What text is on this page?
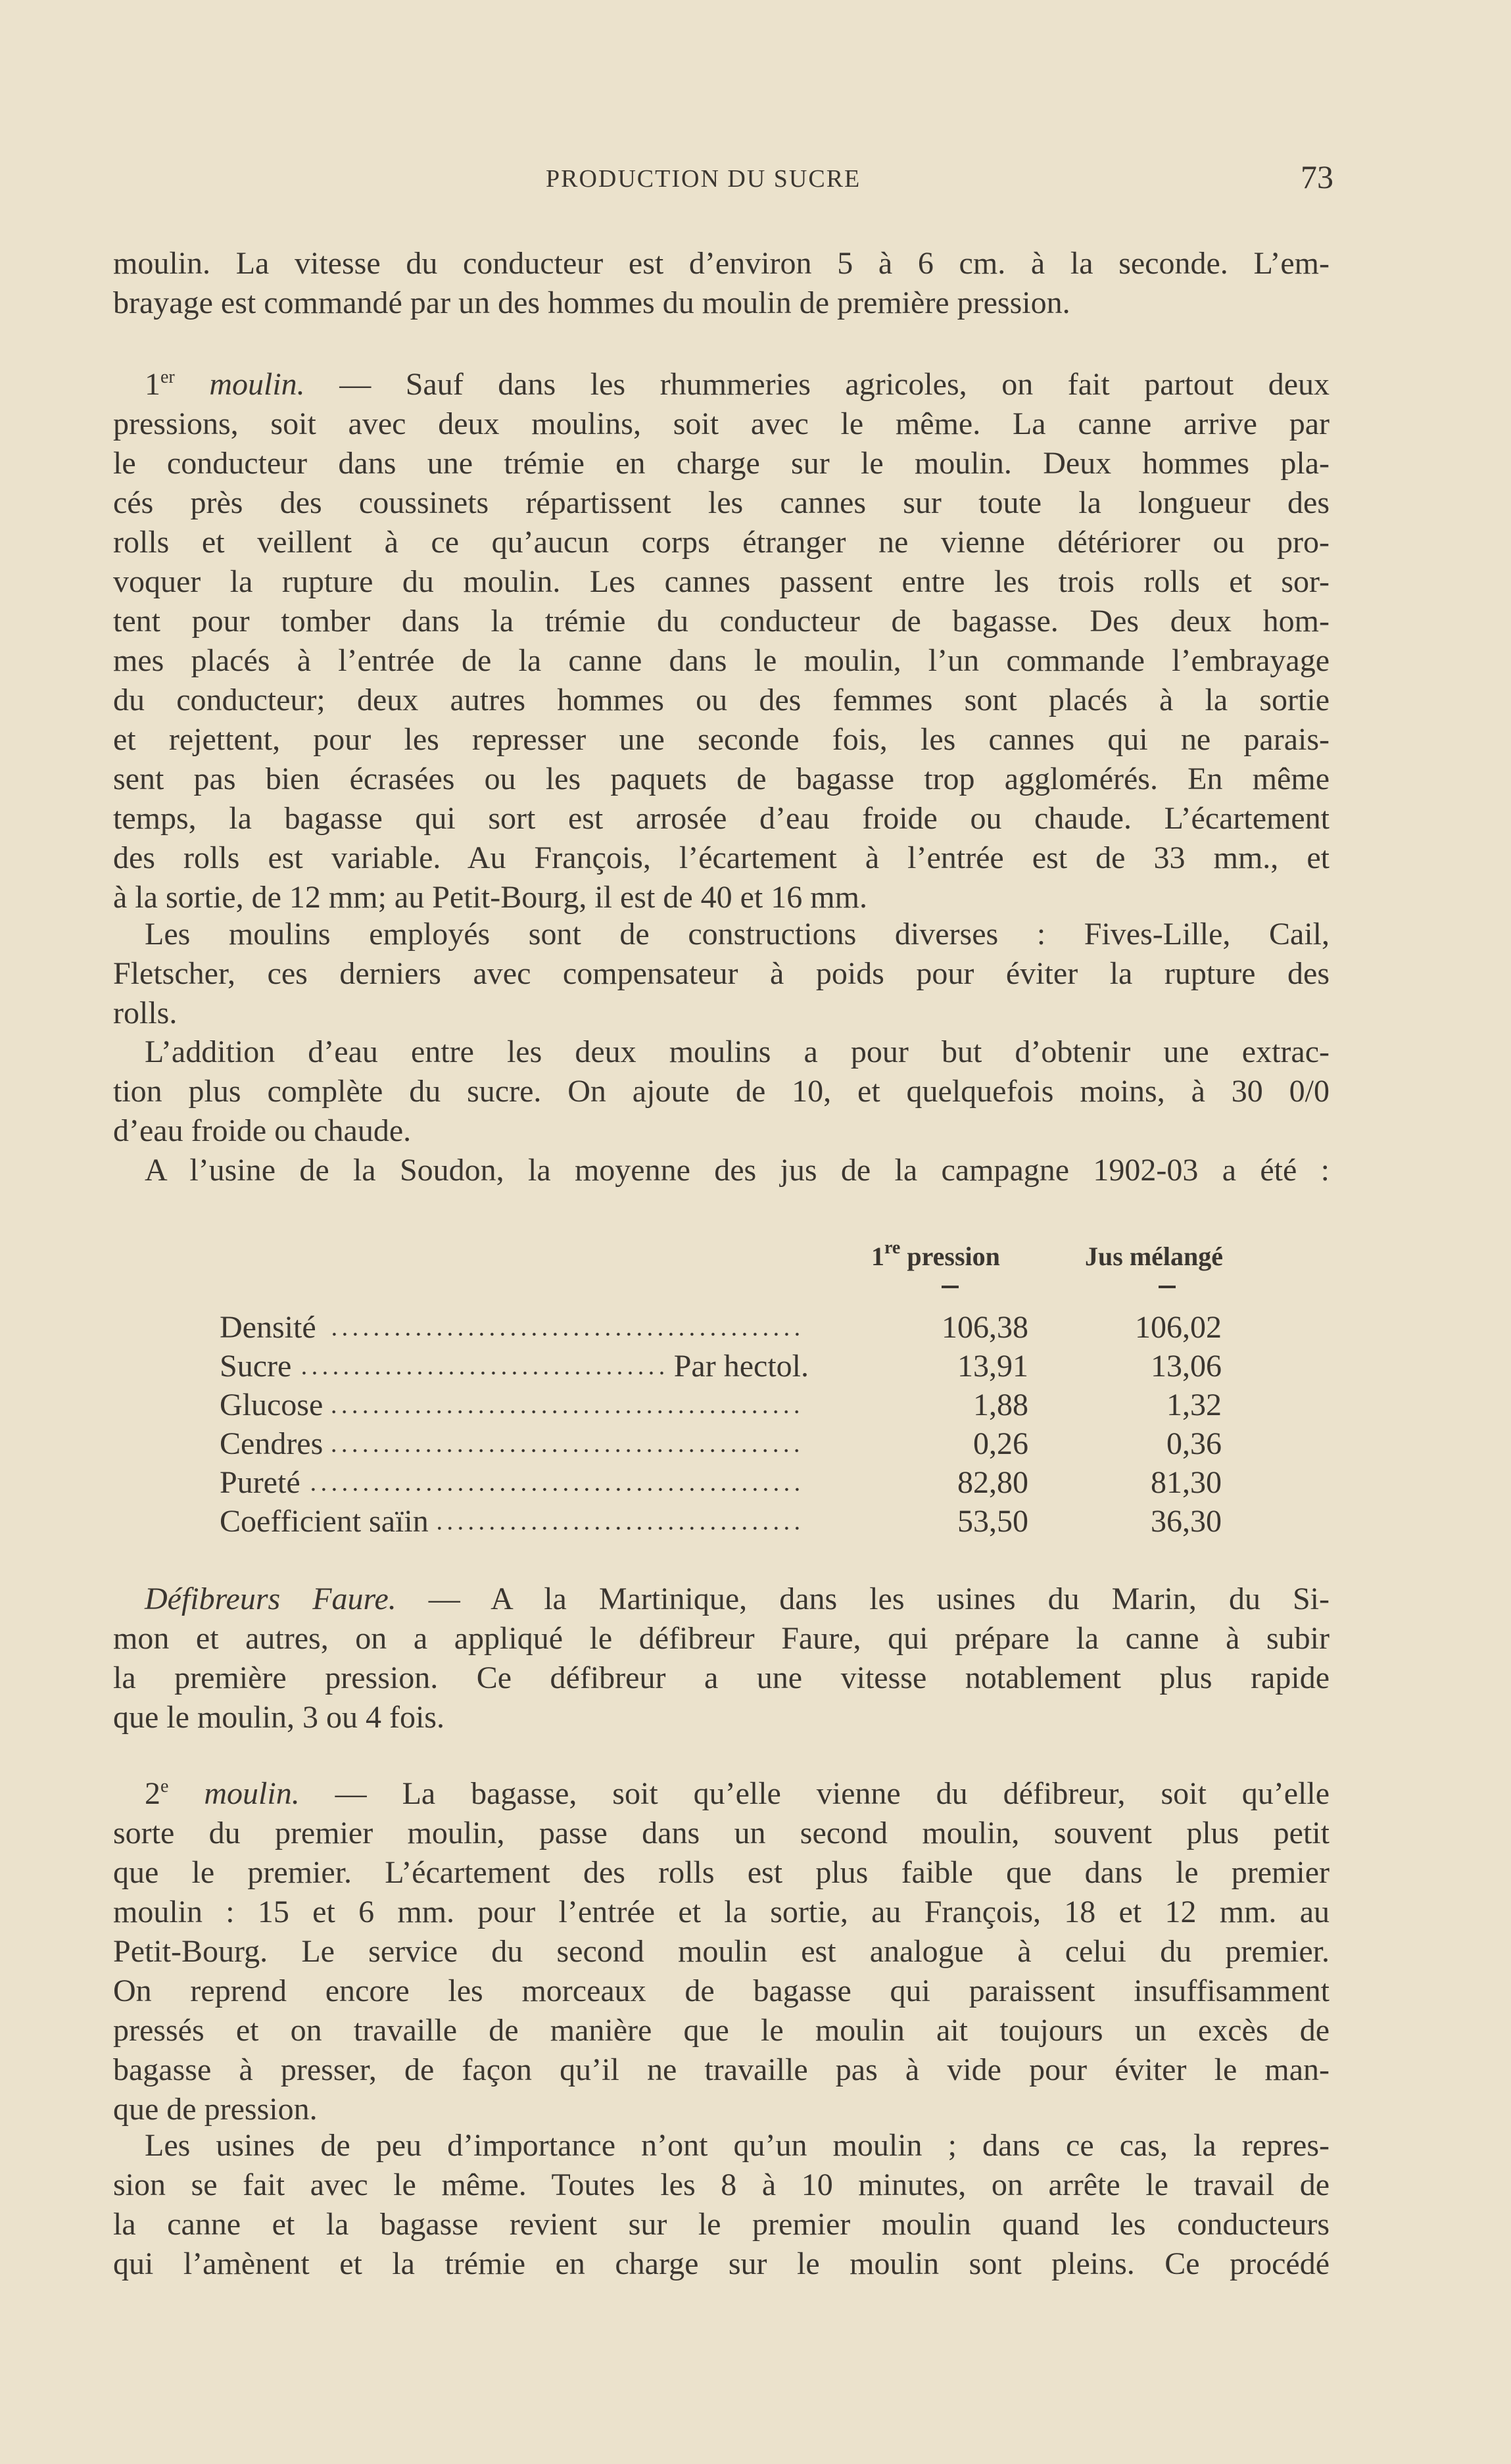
PRODUCTION DU SUCRE	73
moulin. La vitesse du conducteur est d’environ 5 à 6 cm. à la seconde. L’em-
brayage est commandé par un des hommes du moulin de première pression.
1er moulin. — Sauf dans les rhummeries agricoles, on fait partout deux
pressions, soit avec deux moulins, soit avec le même. La canne arrive par
le conducteur dans une trémie en charge sur le moulin. Deux hommes pla-
cés près des coussinets répartissent les cannes sur toute la longueur des
rolls et veillent à ce qu’aucun corps étranger ne vienne détériorer ou pro-
voquer la rupture du moulin. Les cannes passent entre les trois rolls et sor-
tent pour tomber dans la trémie du conducteur de bagasse. Des deux hom-
mes placés à l’entrée de la canne dans le moulin, l’un commande l’embrayage
du conducteur; deux autres hommes ou des femmes sont placés à la sortie
et rejettent, pour les represser une seconde fois, les cannes qui ne parais-
sent pas bien écrasées ou les paquets de bagasse trop agglomérés. En même
temps, la bagasse qui sort est arrosée d’eau froide ou chaude. L’écartement
des rolls est variable. Au François, l’écartement à l’entrée est de 33 mm., et
à la sortie, de 12 mm; au Petit-Bourg, il est de 40 et 16 mm.
Les moulins employés sont de constructions diverses : Fives-Lille, Cail,
Fletscher, ces derniers avec compensateur à poids pour éviter la rupture des
rolls.
L’addition d’eau entre les deux moulins a pour but d’obtenir une extrac-
tion plus complète du sucre. On ajoute de 10, et quelquefois moins, à 30 0/0
d’eau froide ou chaude.
A l’usine de la Soudon, la moyenne des jus de la campagne 1902-03 a été :
Défibreurs Faure. — A la Martinique, dans les usines du Marin, du Si-
mon et autres, on a appliqué le défibreur Faure, qui prépare la canne à subir
la première pression. Ce défibreur a une vitesse notablement plus rapide
que le moulin, 3 ou 4 fois.
2e moulin. — La bagasse, soit qu’elle vienne du défibreur, soit qu’elle
sorte du premier moulin, passe dans un second moulin, souvent plus petit
que le premier. L’écartement des rolls est plus faible que dans le premier
moulin : 15 et 6 mm. pour l’entrée et la sortie, au François, 18 et 12 mm. au
Petit-Bourg. Le service du second moulin est analogue à celui du premier.
On reprend encore les morceaux de bagasse qui paraissent insuffisamment
pressés et on travaille de manière que le moulin ait toujours un excès de
bagasse à presser, de façon qu’il ne travaille pas à vide pour éviter le man-
que de pression.
Les usines de peu d’importance n’ont qu’un moulin ; dans ce cas, la repres-
sion se fait avec le même. Toutes les 8 à 10 minutes, on arrête le travail de
la canne et la bagasse revient sur le premier moulin quand les conducteurs
qui l’amènent et la trémie en charge sur le moulin sont pleins. Ce procédé
1re pression	Jus mélangé
Densité	106,38	106,02
Sucre	Par hectol.	13,91	13,06
Glucose	1,88	1,32
Cendres	0,26	0,36
Pureté	82,80	81,30
Coefficient saïin	53,50	36,30
